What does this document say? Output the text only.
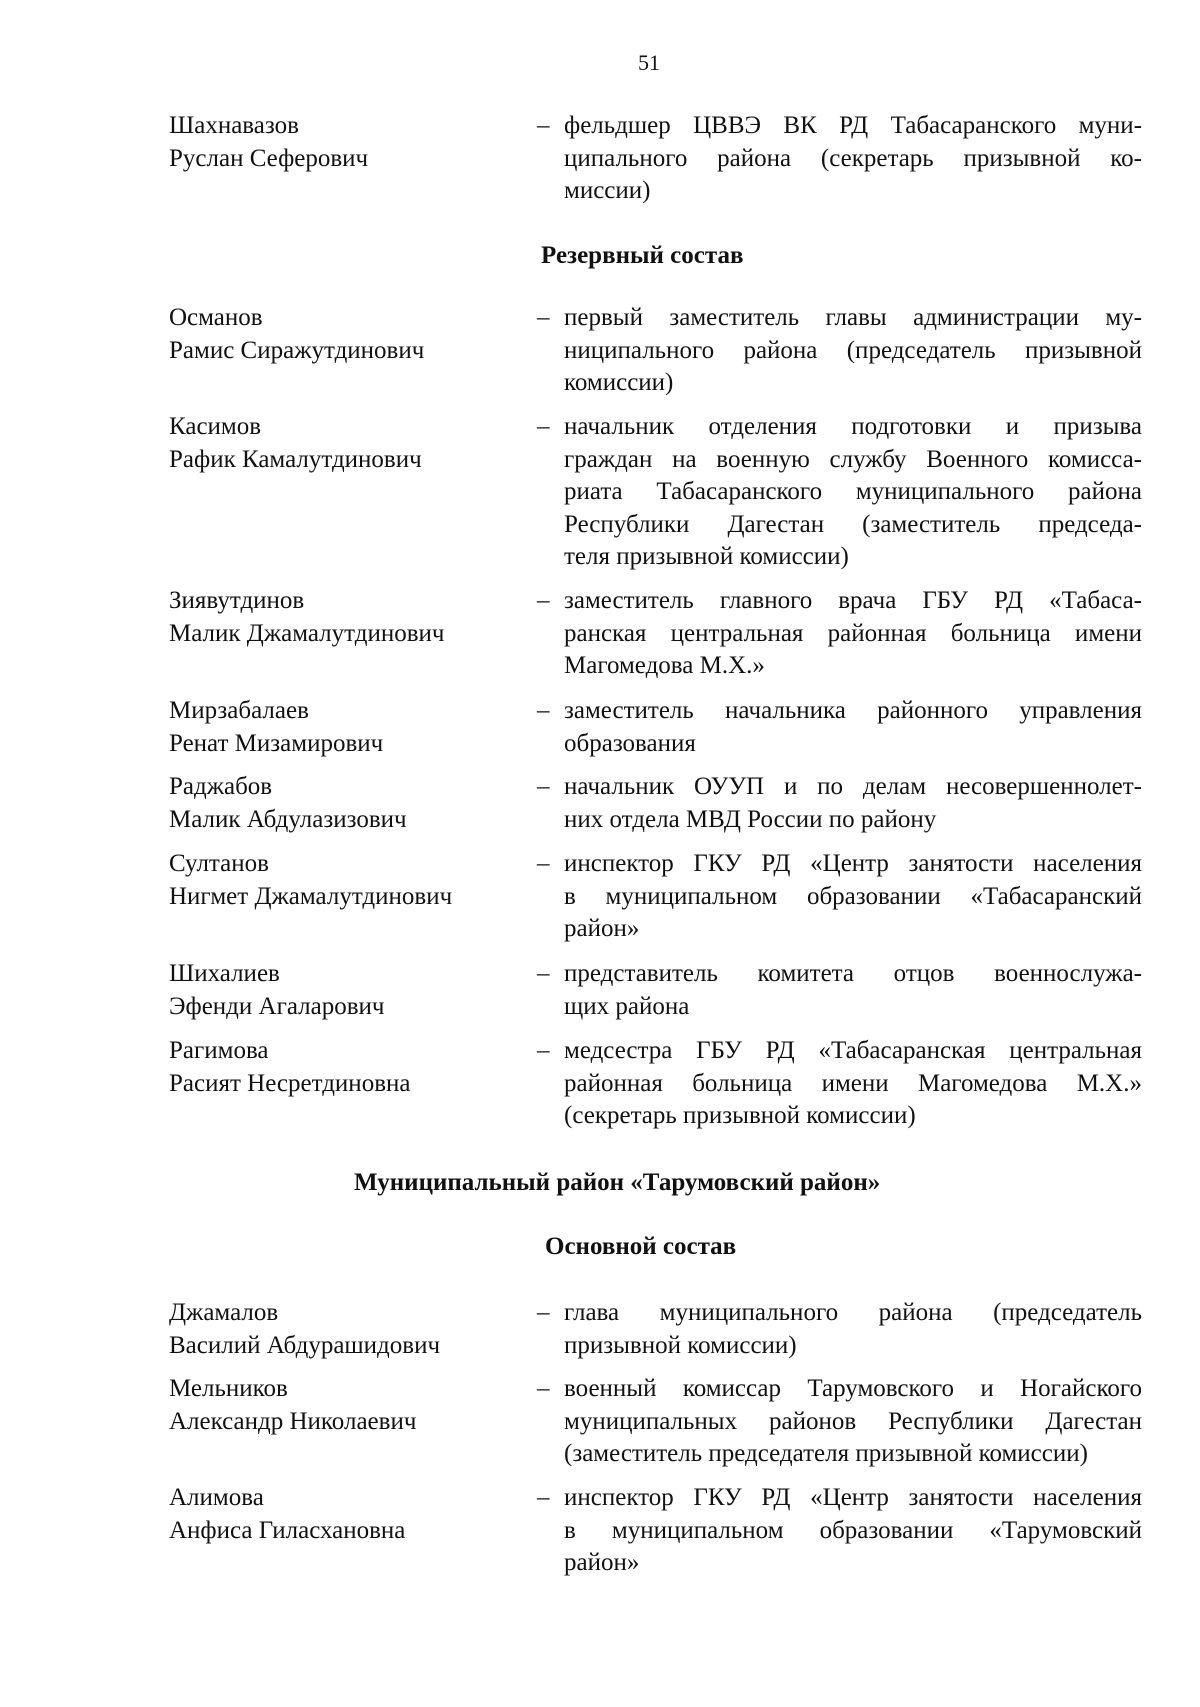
51
Шахнавазов
Руслан Сеферович
– фельдшер ЦВВЭ ВК РД Табасаранского муни-
ципального района (секретарь призывной ко-
миссии)
Резервный состав
Османов
Рамис Сиражутдинович
– первый заместитель главы администрации му-
ниципального района (председатель призывной
комиссии)
Касимов
Рафик Камалутдинович
– начальник отделения подготовки и призыва
граждан на военную службу Военного комисса-
риата Табасаранского муниципального района
Республики Дагестан (заместитель председа-
теля призывной комиссии)
Зиявутдинов
Малик Джамалутдинович
– заместитель главного врача ГБУ РД «Табаса-
ранская центральная районная больница имени
Магомедова М.Х.»
Мирзабалаев
Ренат Мизамирович
– заместитель начальника районного управления
образования
Раджабов
Малик Абдулазизович
– начальник ОУУП и по делам несовершеннолет-
них отдела МВД России по району
Султанов
Нигмет Джамалутдинович
– инспектор ГКУ РД «Центр занятости населения
в муниципальном образовании «Табасаранский
район»
Шихалиев
Эфенди Агаларович
– представитель комитета отцов военнослужа-
щих района
Рагимова
Расият Несретдиновна
– медсестра ГБУ РД «Табасаранская центральная
районная больница имени Магомедова М.Х.»
(секретарь призывной комиссии)
Муниципальный район «Тарумовский район»
Основной состав
Джамалов
Василий Абдурашидович
– глава муниципального района (председатель
призывной комиссии)
Мельников
Александр Николаевич
– военный комиссар Тарумовского и Ногайского
муниципальных районов Республики Дагестан
(заместитель председателя призывной комиссии)
Алимова
Анфиса Гиласхановна
– инспектор ГКУ РД «Центр занятости населения
в муниципальном образовании «Тарумовский
район»
